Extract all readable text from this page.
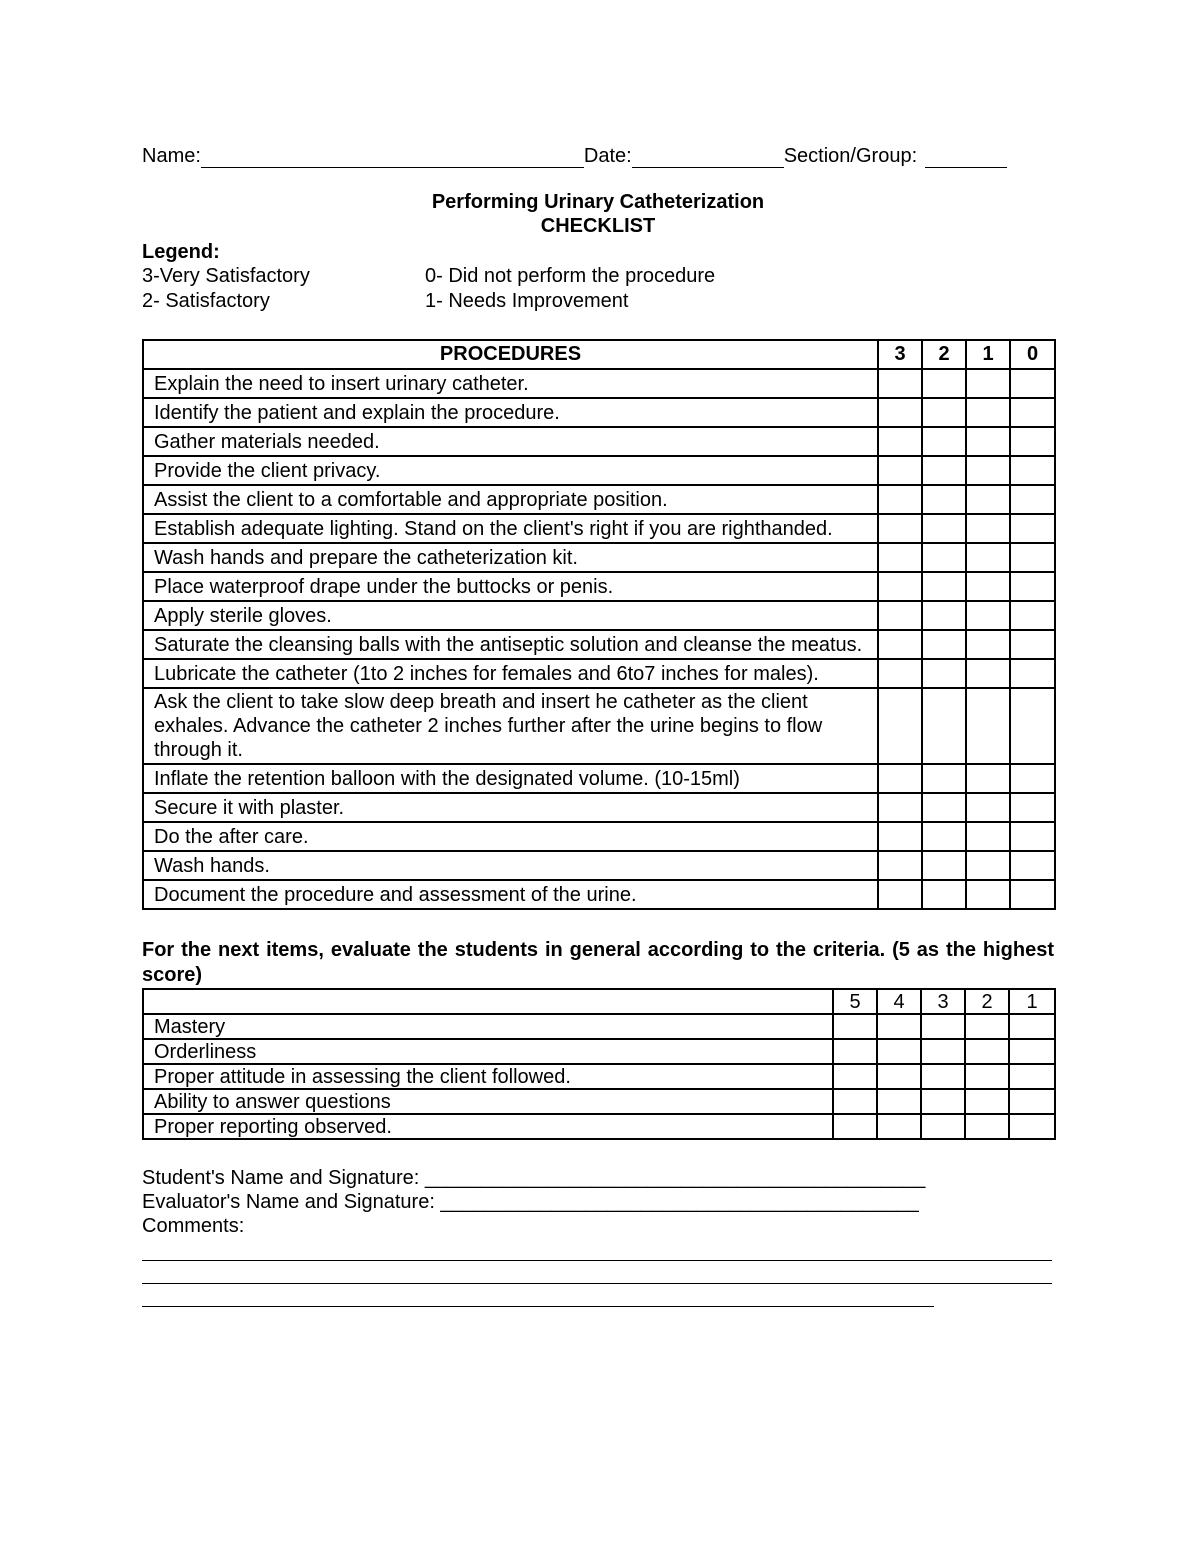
Name:	Date:	Section/Group:
Performing Urinary Catheterization
CHECKLIST
Legend:
3-Very Satisfactory	0- Did not perform the procedure
2- Satisfactory	1- Needs Improvement
PROCEDURES	3	2	1	0
Explain the need to insert urinary catheter.				
Identify the patient and explain the procedure.				
Gather materials needed.				
Provide the client privacy.				
Assist the client to a comfortable and appropriate position.				
Establish adequate lighting. Stand on the client's right if you are righthanded.				
Wash hands and prepare the catheterization kit.				
Place waterproof drape under the buttocks or penis.				
Apply sterile gloves.				
Saturate the cleansing balls with the antiseptic solution and cleanse the meatus.				
Lubricate the catheter (1to 2 inches for females and 6to7 inches for males).				
Ask the client to take slow deep breath and insert he catheter as the client exhales. Advance the catheter 2 inches further after the urine begins to flow through it.				
Inflate the retention balloon with the designated volume. (10-15ml)				
Secure it with plaster.				
Do the after care.				
Wash hands.				
Document the procedure and assessment of the urine.				
For the next items, evaluate the students in general according to the criteria. (5 as the highest score)
	5	4	3	2	1
Mastery					
Orderliness					
Proper attitude in assessing the client followed.					
Ability to answer questions					
Proper reporting observed.					
Student's Name and Signature: _____________________________________________
Evaluator's Name and Signature: ___________________________________________
Comments:
